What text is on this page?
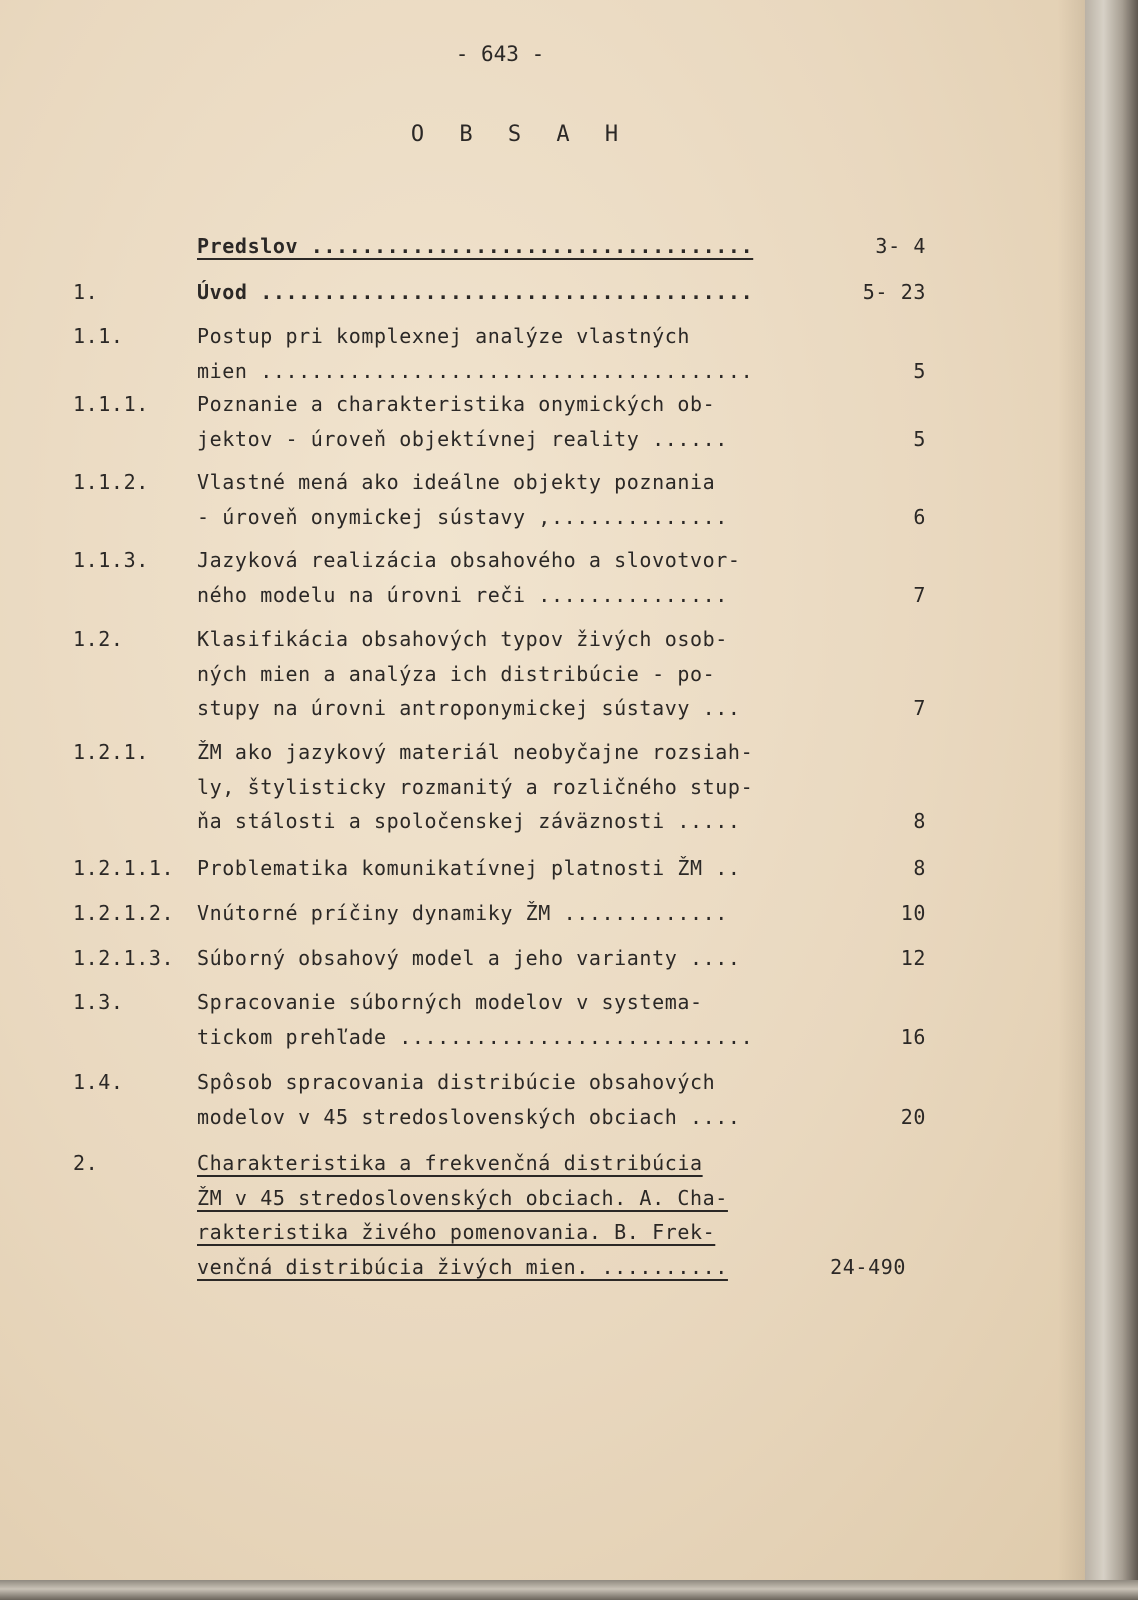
- 643 -
O B S A H
Predslov ...................................	3- 4
1.	Úvod .......................................	5- 23
1.1.	Postup pri komplexnej analýze vlastných
mien .......................................	5
1.1.1. Poznanie a charakteristika onymických ob-
jektov - úroveň objektívnej reality ......	5
1.1.2. Vlastné mená ako ideálne objekty poznania
- úroveň onymickej sústavy ,..............	6
1.1.3. Jazyková realizácia obsahového a slovotvor-
ného modelu na úrovni reči ...............	7
1.2.	Klasifikácia obsahových typov živých osob-
ných mien a analýza ich distribúcie - po-
stupy na úrovni antroponymickej sústavy ...	7
1.2.1. ŽM ako jazykový materiál neobyčajne rozsiah-
ly, štylisticky rozmanitý a rozličného stup-
ňa stálosti a spoločenskej záväznosti .....	8
1.2.1.1. Problematika komunikatívnej platnosti ŽM ..	8
1.2.1.2. Vnútorné príčiny dynamiky ŽM .............	10
1.2.1.3. Súborný obsahový model a jeho varianty ....	12
1.3.	Spracovanie súborných modelov v systema-
tickom prehľade ............................	16
1.4.	Spôsob spracovania distribúcie obsahových
modelov v 45 stredoslovenských obciach ....	20
2.	Charakteristika a frekvenčná distribúcia
ŽM v 45 stredoslovenských obciach. A. Cha-
rakteristika živého pomenovania. B. Frek-
venčná distribúcia živých mien. ..........	24-490
